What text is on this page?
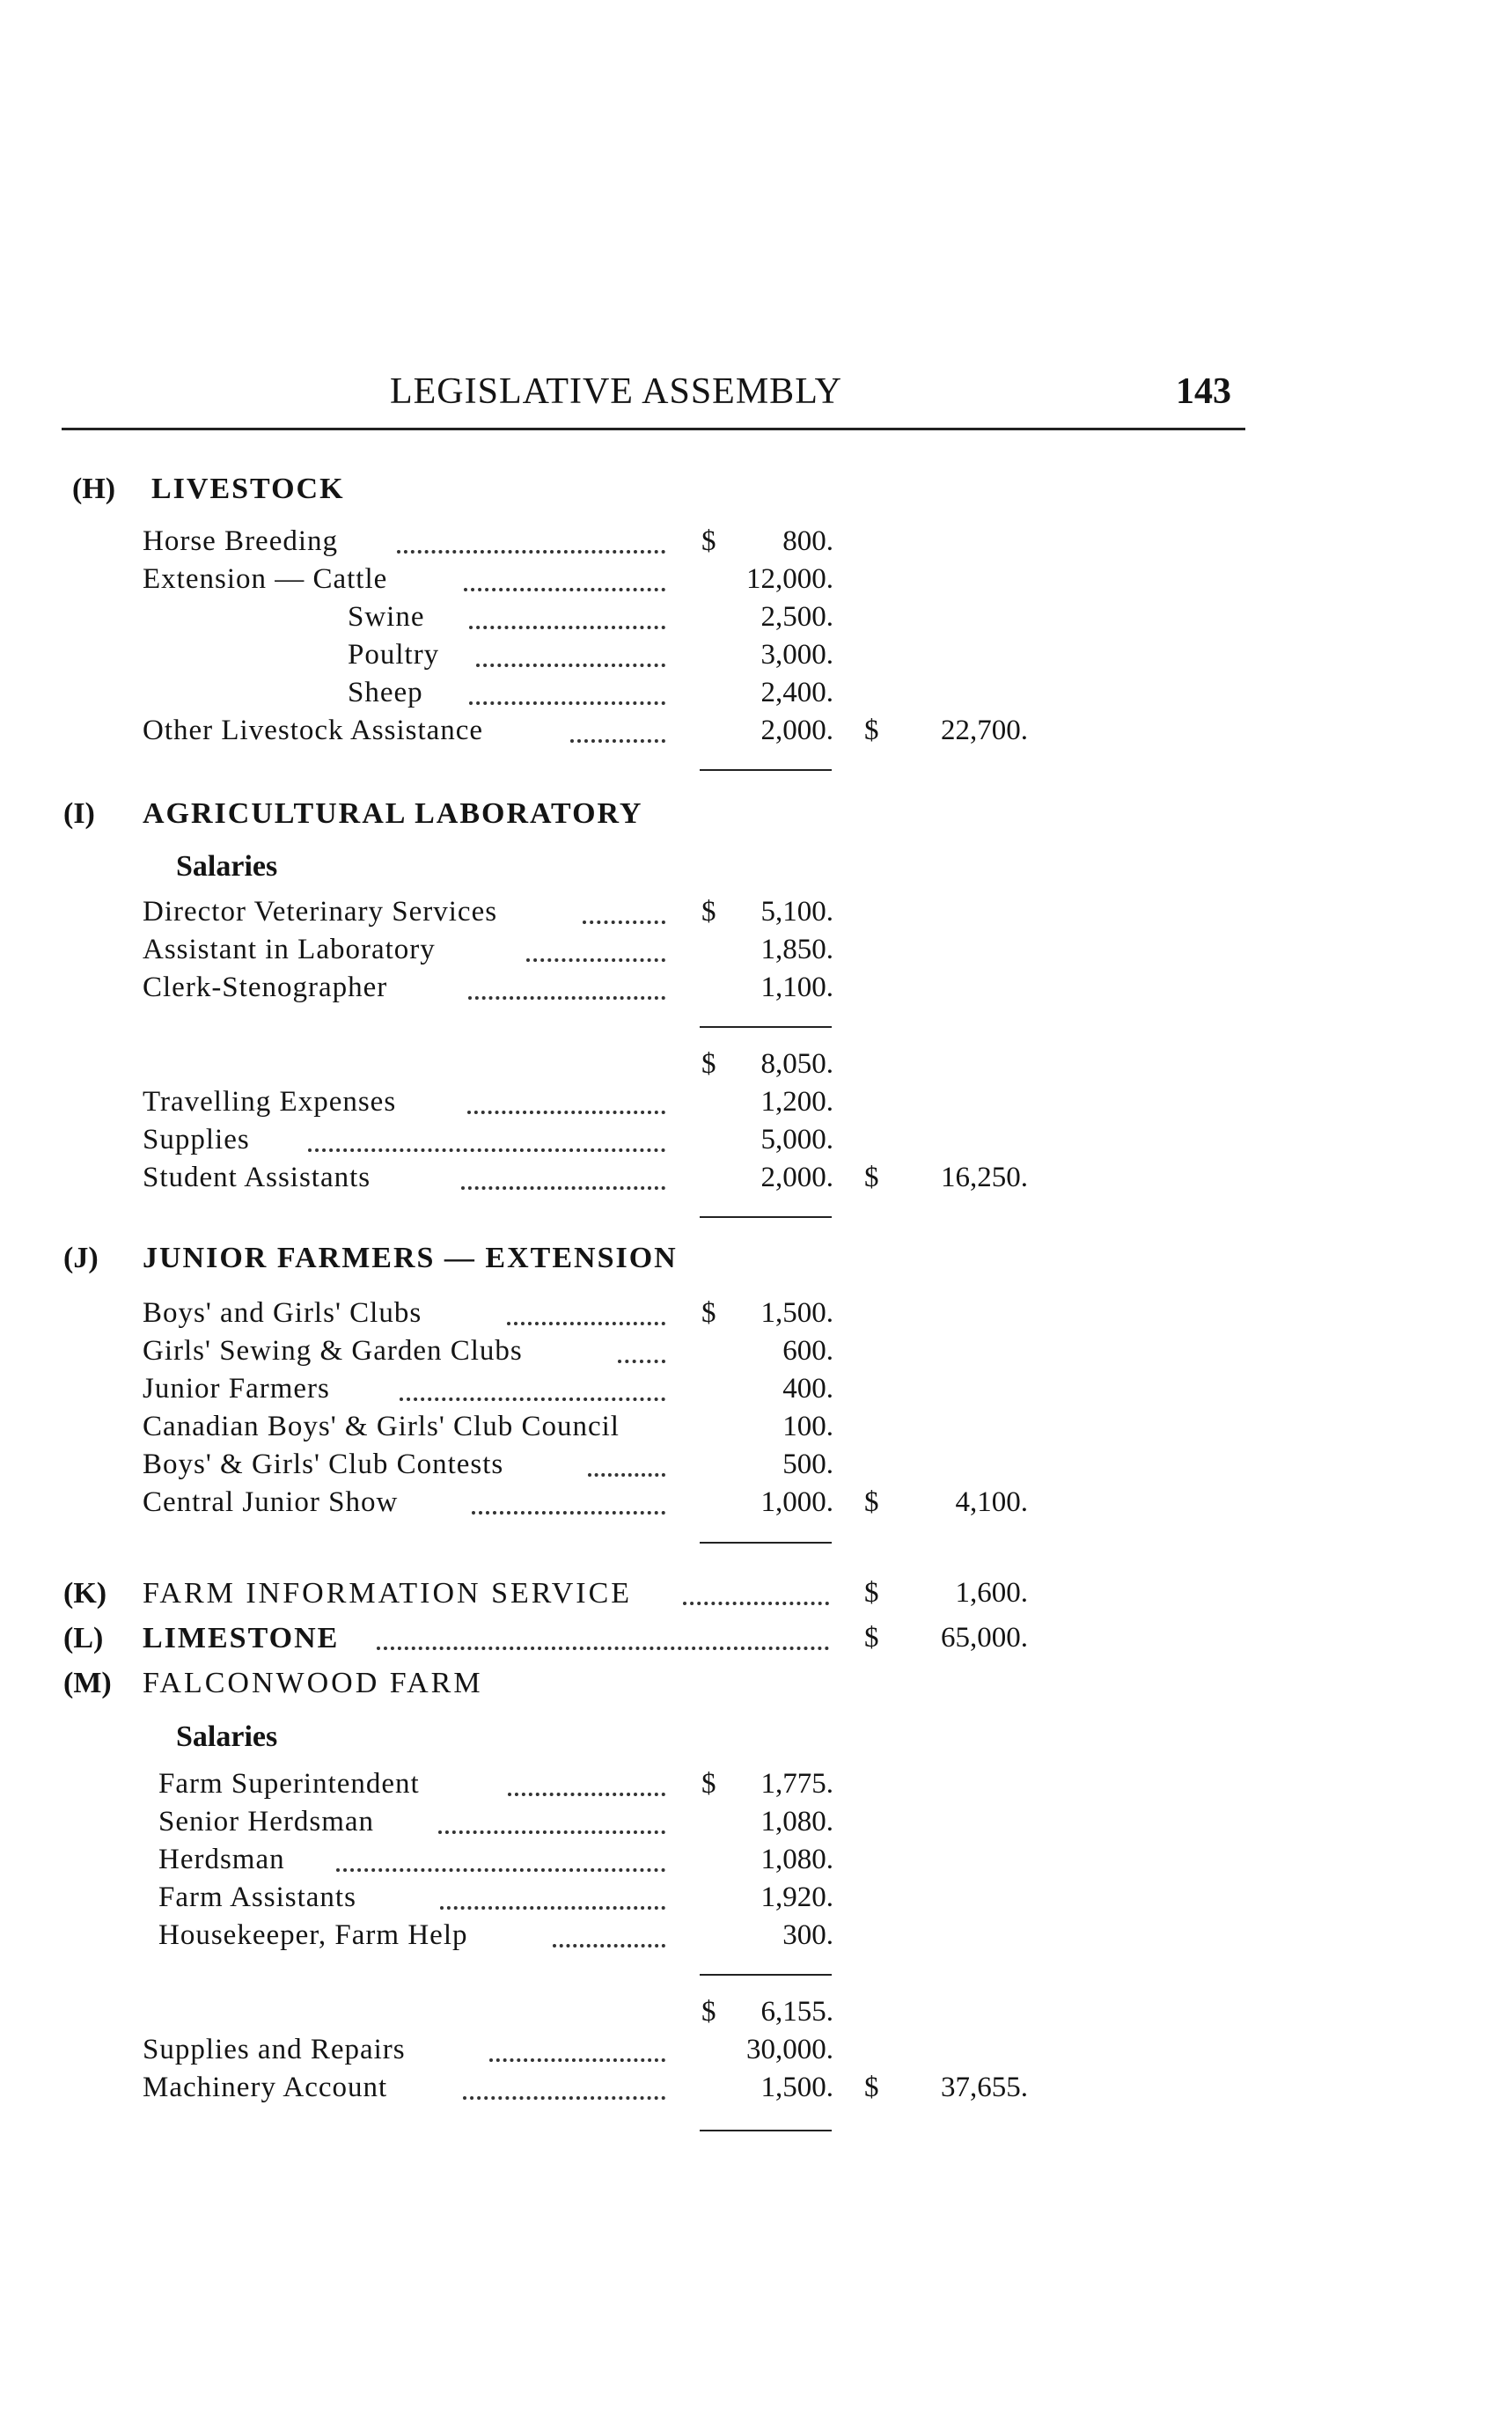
LEGISLATIVE ASSEMBLY	143
(H) LIVESTOCK
Horse Breeding	$	800.
Extension — Cattle	12,000.
Swine	2,500.
Poultry	3,000.
Sheep	2,400.
Other Livestock Assistance	2,000. $	22,700.
(I) AGRICULTURAL LABORATORY
Salaries
Director Veterinary Services	$	5,100.
Assistant in Laboratory	1,850.
Clerk-Stenographer	1,100.
$	8,050.
Travelling Expenses	1,200.
Supplies	5,000.
Student Assistants	2,000. $	16,250.
(J) JUNIOR FARMERS — EXTENSION
Boys' and Girls' Clubs	$	1,500.
Girls' Sewing & Garden Clubs	600.
Junior Farmers	400.
Canadian Boys' & Girls' Club Council	100.
Boys' & Girls' Club Contests	500.
Central Junior Show	1,000. $	4,100.
(K) FARM INFORMATION SERVICE	$	1,600.
(L) LIMESTONE	$	65,000.
(M) FALCONWOOD FARM
Salaries
Farm Superintendent	$	1,775.
Senior Herdsman	1,080.
Herdsman	1,080.
Farm Assistants	1,920.
Housekeeper, Farm Help	300.
$	6,155.
Supplies and Repairs	30,000.
Machinery Account	1,500. $	37,655.
